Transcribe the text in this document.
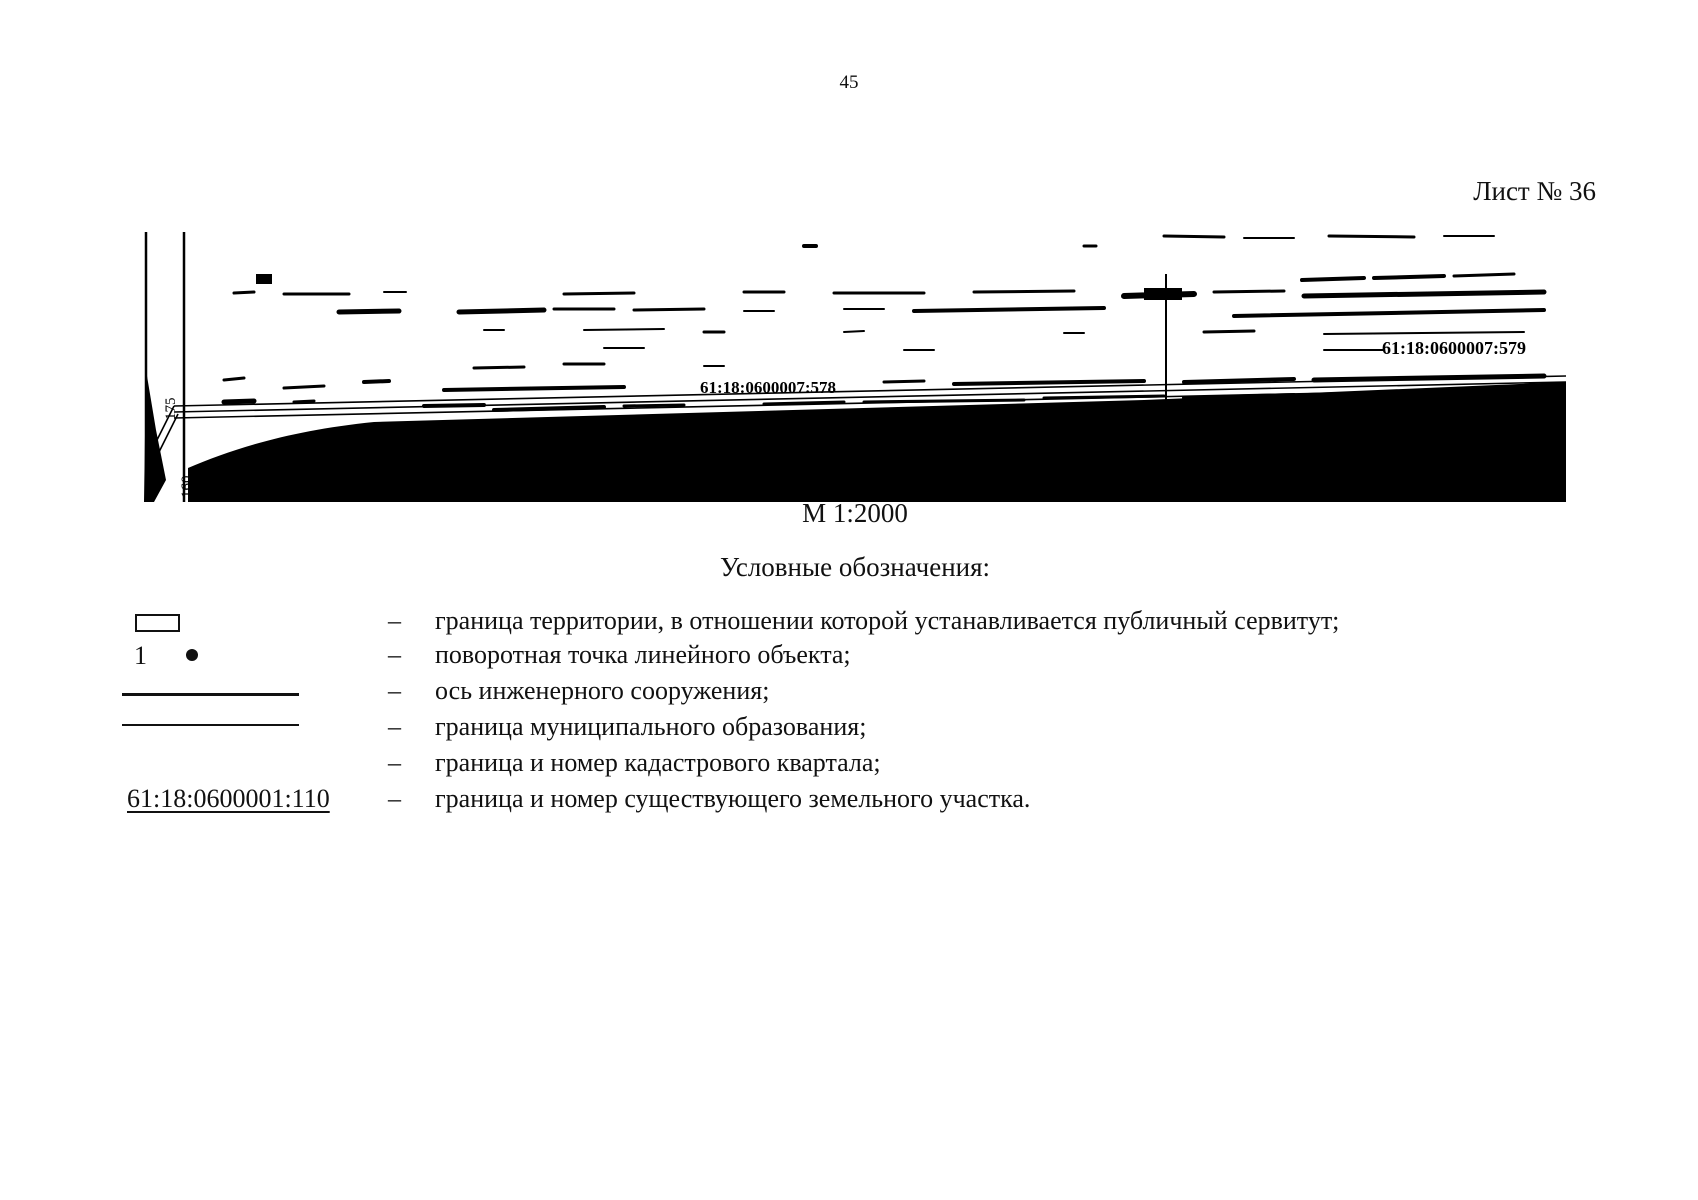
45
Лист № 36
61:18:0600007:578
61:18:0600007:579
175
160
М 1:2000
Условные обозначения:
– граница территории, в отношении которой устанавливается публичный сервитут;
1	– поворотная точка линейного объекта;
– ось инженерного сооружения;
– граница муниципального образования;
– граница и номер кадастрового квартала;
61:18:0600001:110 – граница и номер существующего земельного участка.
